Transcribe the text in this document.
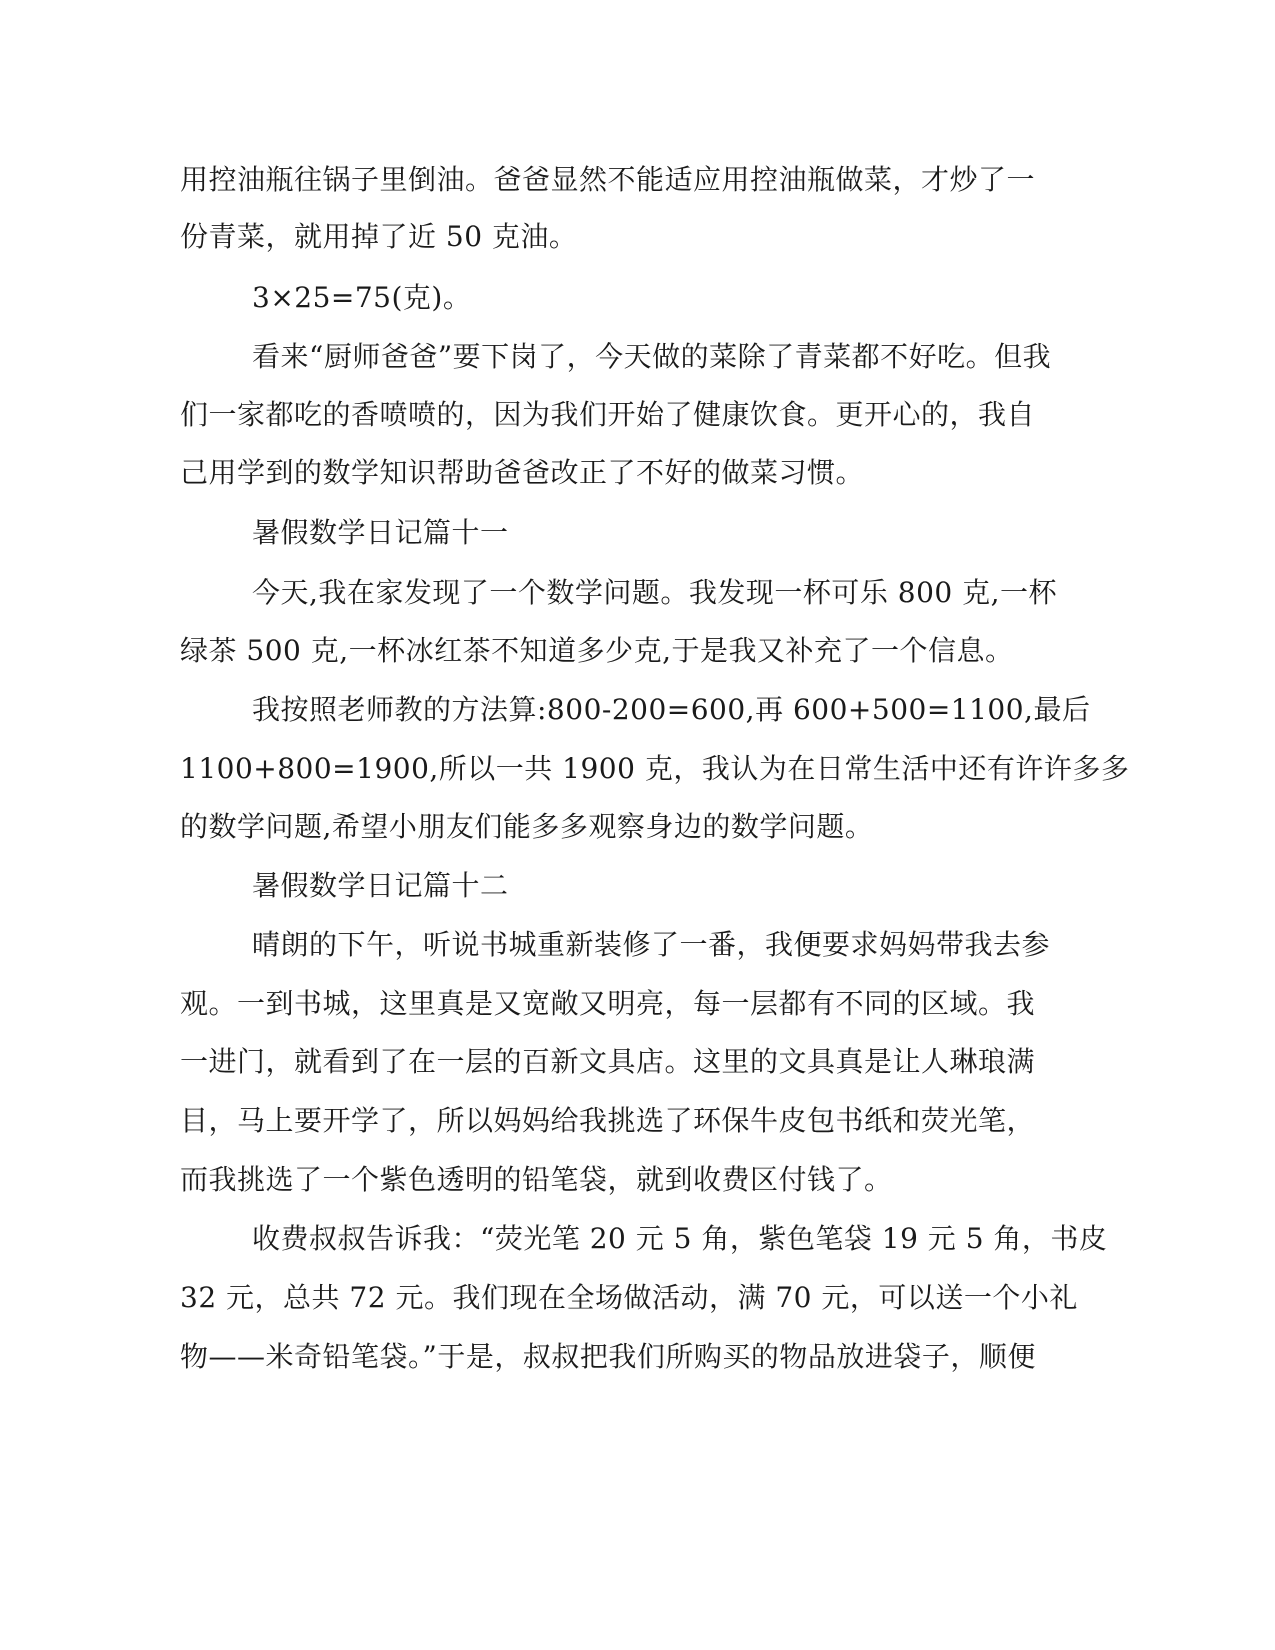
用控油瓶往锅子里倒油。爸爸显然不能适应用控油瓶做菜，才炒了一
份青菜，就用掉了近 50 克油。
3×25=75(克)。
看来“厨师爸爸”要下岗了，今天做的菜除了青菜都不好吃。但我
们一家都吃的香喷喷的，因为我们开始了健康饮食。更开心的，我自
己用学到的数学知识帮助爸爸改正了不好的做菜习惯。
暑假数学日记篇十一
今天,我在家发现了一个数学问题。我发现一杯可乐 800 克,一杯
绿茶 500 克,一杯冰红茶不知道多少克,于是我又补充了一个信息。
我按照老师教的方法算:800-200=600,再 600+500=1100,最后
1100+800=1900,所以一共 1900 克，我认为在日常生活中还有许许多多
的数学问题,希望小朋友们能多多观察身边的数学问题。
暑假数学日记篇十二
晴朗的下午，听说书城重新装修了一番，我便要求妈妈带我去参
观。一到书城，这里真是又宽敞又明亮，每一层都有不同的区域。我
一进门，就看到了在一层的百新文具店。这里的文具真是让人琳琅满
目，马上要开学了，所以妈妈给我挑选了环保牛皮包书纸和荧光笔，
而我挑选了一个紫色透明的铅笔袋，就到收费区付钱了。
收费叔叔告诉我：“荧光笔 20 元 5 角，紫色笔袋 19 元 5 角，书皮
32 元，总共 72 元。我们现在全场做活动，满 70 元，可以送一个小礼
物——米奇铅笔袋。”于是，叔叔把我们所购买的物品放进袋子，顺便
